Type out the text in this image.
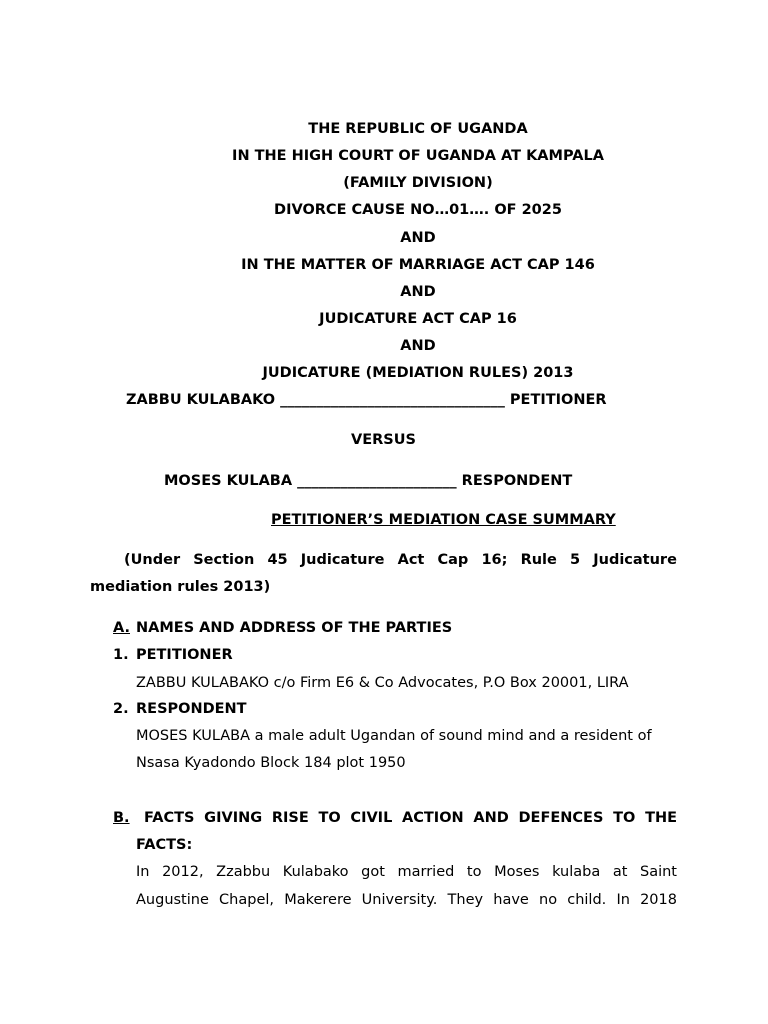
THE REPUBLIC OF UGANDA
IN THE HIGH COURT OF UGANDA AT KAMPALA
(FAMILY DIVISION)
DIVORCE CAUSE NO…01…. OF 2025
AND
IN THE MATTER OF MARRIAGE ACT CAP 146
AND
JUDICATURE ACT CAP 16
AND
JUDICATURE (MEDIATION RULES) 2013
ZABBU KULABAKO _______________________________ PETITIONER
VERSUS
MOSES KULABA ______________________ RESPONDENT
PETITIONER’S MEDIATION CASE SUMMARY
(Under Section 45 Judicature Act Cap 16; Rule 5 Judicature
mediation rules 2013)
A. NAMES AND ADDRESS OF THE PARTIES
1. PETITIONER
ZABBU KULABAKO c/o Firm E6 & Co Advocates, P.O Box 20001, LIRA
2. RESPONDENT
MOSES KULABA a male adult Ugandan of sound mind and a resident of
Nsasa Kyadondo Block 184 plot 1950
B. FACTS GIVING RISE TO CIVIL ACTION AND DEFENCES TO THE
FACTS:
In 2012, Zzabbu Kulabako got married to Moses kulaba at Saint
Augustine Chapel, Makerere University. They have no child. In 2018
